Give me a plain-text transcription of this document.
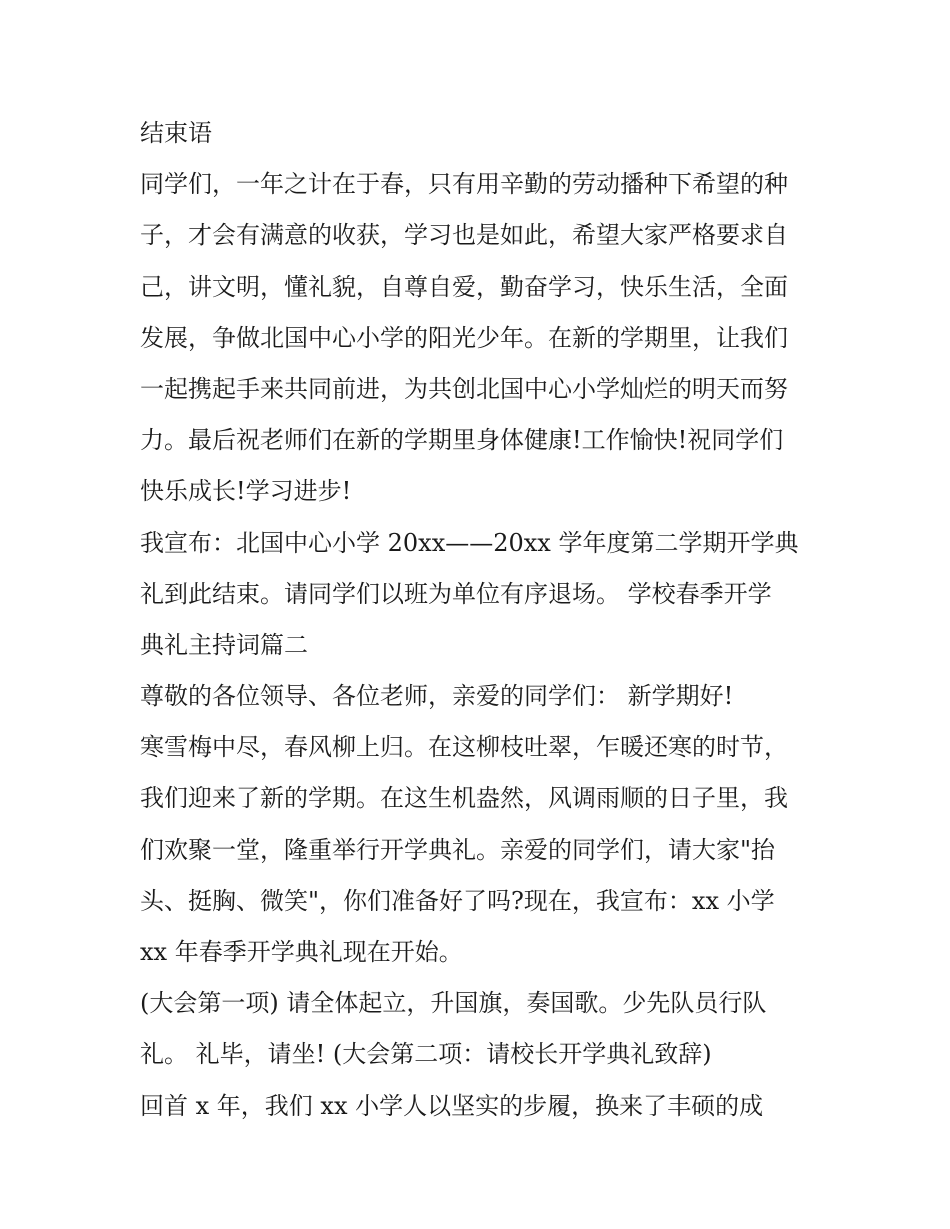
结束语
同学们，一年之计在于春，只有用辛勤的劳动播种下希望的种
子，才会有满意的收获，学习也是如此，希望大家严格要求自
己，讲文明，懂礼貌，自尊自爱，勤奋学习，快乐生活，全面
发展，争做北国中心小学的阳光少年。在新的学期里，让我们
一起携起手来共同前进，为共创北国中心小学灿烂的明天而努
力。最后祝老师们在新的学期里身体健康!工作愉快!祝同学们
快乐成长!学习进步!
我宣布：北国中心小学 20xx——20xx 学年度第二学期开学典
礼到此结束。请同学们以班为单位有序退场。 学校春季开学
典礼主持词篇二
尊敬的各位领导、各位老师，亲爱的同学们： 新学期好!
寒雪梅中尽，春风柳上归。在这柳枝吐翠，乍暖还寒的时节，
我们迎来了新的学期。在这生机盎然，风调雨顺的日子里，我
们欢聚一堂，隆重举行开学典礼。亲爱的同学们，请大家"抬
头、挺胸、微笑"，你们准备好了吗?现在，我宣布：xx 小学
xx 年春季开学典礼现在开始。
(大会第一项) 请全体起立，升国旗，奏国歌。少先队员行队
礼。 礼毕，请坐! (大会第二项：请校长开学典礼致辞)
回首 x 年，我们 xx 小学人以坚实的步履，换来了丰硕的成
